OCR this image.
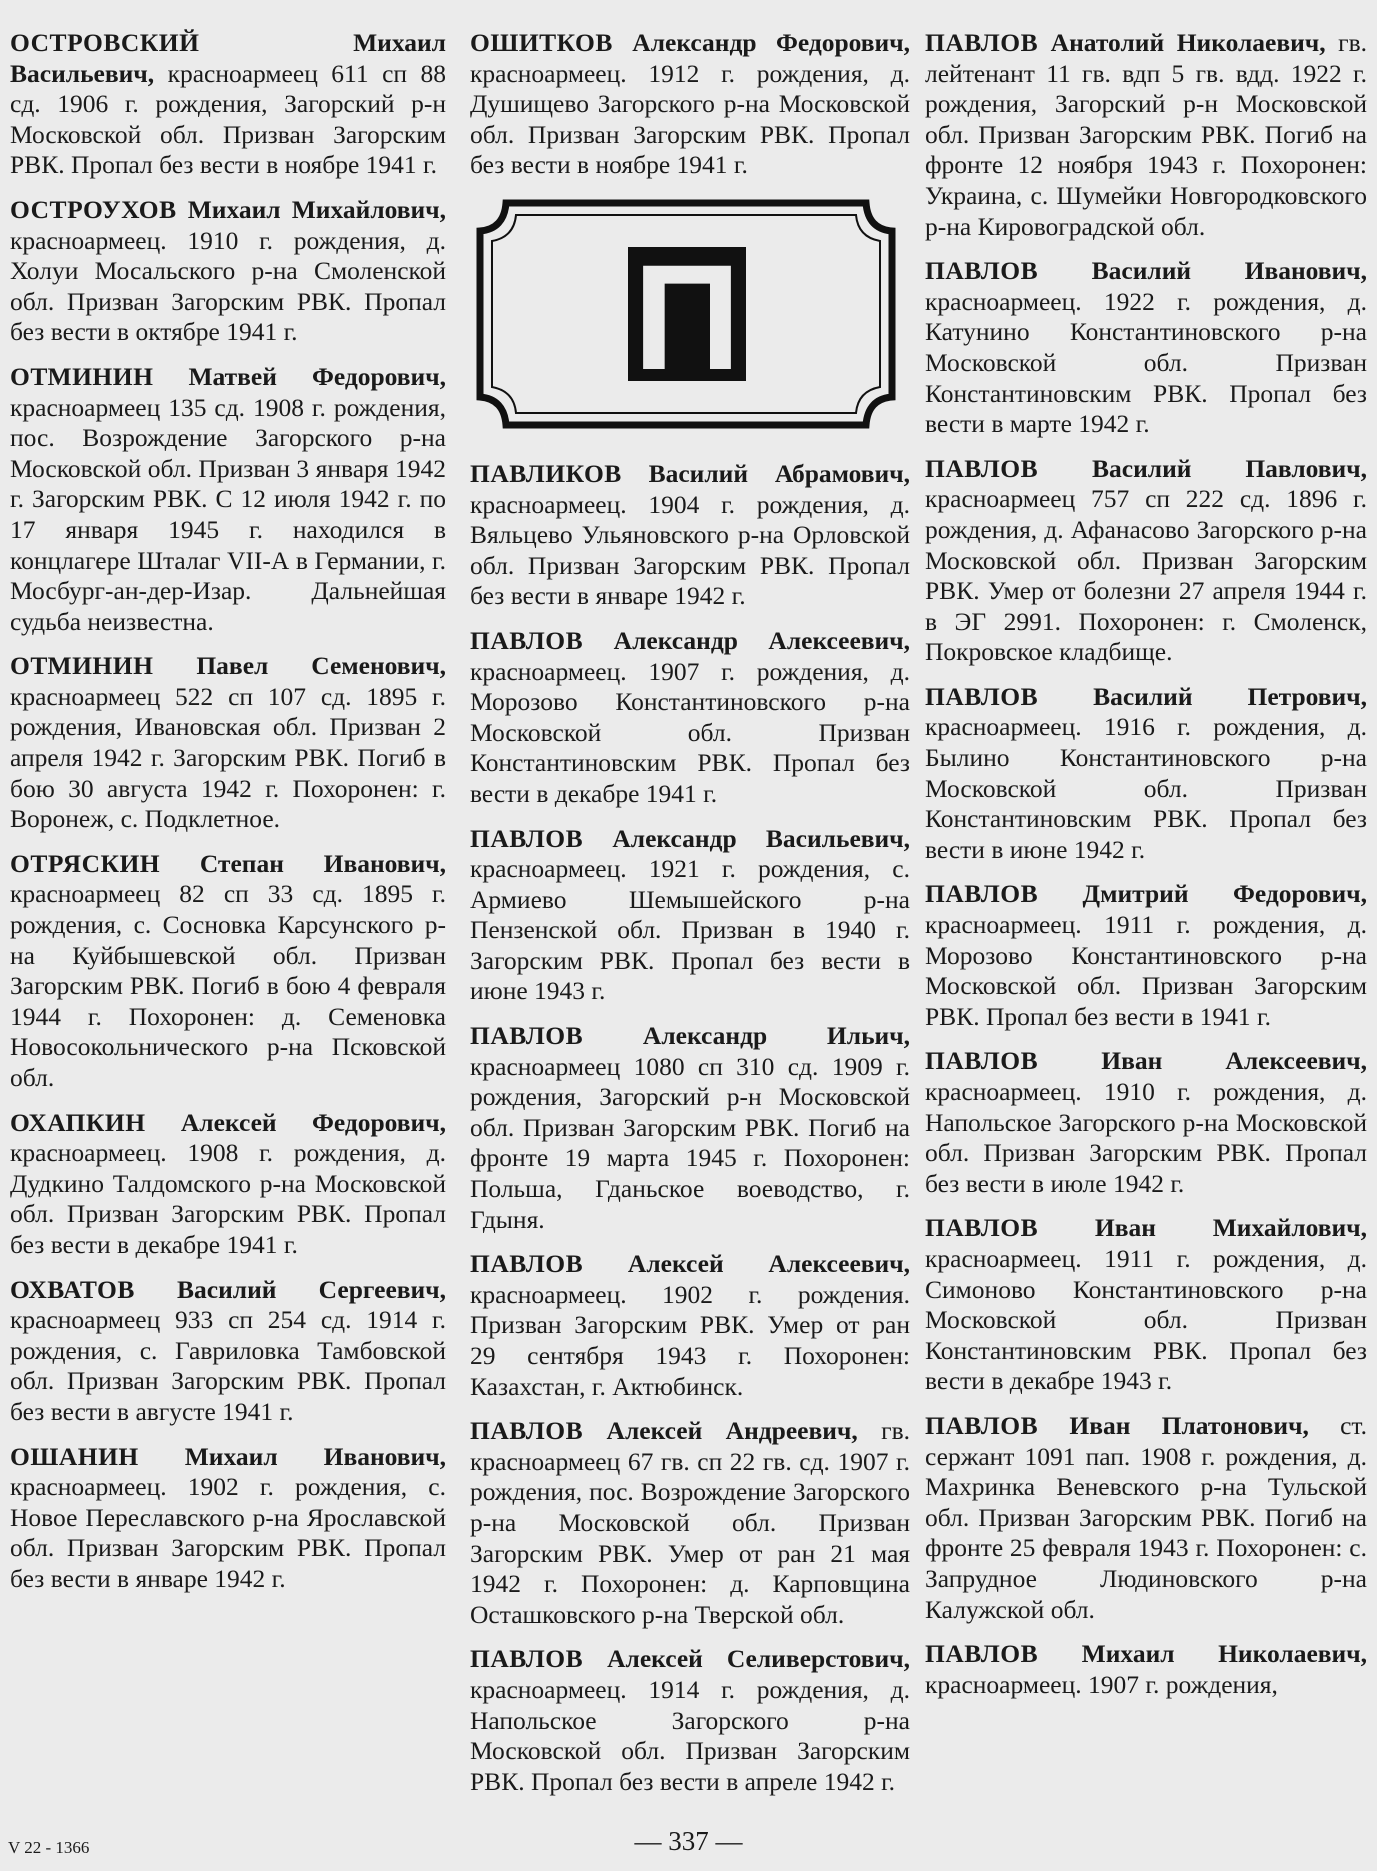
ОСТРОВСКИЙ Михаил Васильевич, красноармеец 611 сп 88 сд. 1906 г. рождения, Загорский р-н Московской обл. Призван Загорским РВК. Пропал без вести в ноябре 1941 г.
ОСТРОУХОВ Михаил Михайлович, красноармеец. 1910 г. рождения, д. Холуи Мосальского р-на Смоленской обл. Призван Загорским РВК. Пропал без вести в октябре 1941 г.
ОТМИНИН Матвей Федорович, красноармеец 135 сд. 1908 г. рождения, пос. Возрождение Загорского р-на Московской обл. Призван 3 января 1942 г. Загорским РВК. С 12 июля 1942 г. по 17 января 1945 г. находился в концлагере Шталаг VII-А в Германии, г. Мосбург-ан-дер-Изар. Дальнейшая судьба неизвестна.
ОТМИНИН Павел Семенович, красноармеец 522 сп 107 сд. 1895 г. рождения, Ивановская обл. Призван 2 апреля 1942 г. Загорским РВК. Погиб в бою 30 августа 1942 г. Похоронен: г. Воронеж, с. Подклетное.
ОТРЯСКИН Степан Иванович, красноармеец 82 сп 33 сд. 1895 г. рождения, с. Сосновка Карсунского р-на Куйбышевской обл. Призван Загорским РВК. Погиб в бою 4 февраля 1944 г. Похоронен: д. Семеновка Новосокольнического р-на Псковской обл.
ОХАПКИН Алексей Федорович, красноармеец. 1908 г. рождения, д. Дудкино Талдомского р-на Московской обл. Призван Загорским РВК. Пропал без вести в декабре 1941 г.
ОХВАТОВ Василий Сергеевич, красноармеец 933 сп 254 сд. 1914 г. рождения, с. Гавриловка Тамбовской обл. Призван Загорским РВК. Пропал без вести в августе 1941 г.
ОШАНИН Михаил Иванович, красноармеец. 1902 г. рождения, с. Новое Переславского р-на Ярославской обл. Призван Загорским РВК. Пропал без вести в январе 1942 г.
ОШИТКОВ Александр Федорович, красноармеец. 1912 г. рождения, д. Душищево Загорского р-на Московской обл. Призван Загорским РВК. Пропал без вести в ноябре 1941 г.
П
ПАВЛИКОВ Василий Абрамович, красноармеец. 1904 г. рождения, д. Вяльцево Ульяновского р-на Орловской обл. Призван Загорским РВК. Пропал без вести в январе 1942 г.
ПАВЛОВ Александр Алексеевич, красноармеец. 1907 г. рождения, д. Морозово Константиновского р-на Московской обл. Призван Константиновским РВК. Пропал без вести в декабре 1941 г.
ПАВЛОВ Александр Васильевич, красноармеец. 1921 г. рождения, с. Армиево Шемышейского р-на Пензенской обл. Призван в 1940 г. Загорским РВК. Пропал без вести в июне 1943 г.
ПАВЛОВ Александр Ильич, красноармеец 1080 сп 310 сд. 1909 г. рождения, Загорский р-н Московской обл. Призван Загорским РВК. Погиб на фронте 19 марта 1945 г. Похоронен: Польша, Гданьское воеводство, г. Гдыня.
ПАВЛОВ Алексей Алексеевич, красноармеец. 1902 г. рождения. Призван Загорским РВК. Умер от ран 29 сентября 1943 г. Похоронен: Казахстан, г. Актюбинск.
ПАВЛОВ Алексей Андреевич, гв. красноармеец 67 гв. сп 22 гв. сд. 1907 г. рождения, пос. Возрождение Загорского р-на Московской обл. Призван Загорским РВК. Умер от ран 21 мая 1942 г. Похоронен: д. Карповщина Осташковского р-на Тверской обл.
ПАВЛОВ Алексей Селиверстович, красноармеец. 1914 г. рождения, д. Напольское Загорского р-на Московской обл. Призван Загорским РВК. Пропал без вести в апреле 1942 г.
ПАВЛОВ Анатолий Николаевич, гв. лейтенант 11 гв. вдп 5 гв. вдд. 1922 г. рождения, Загорский р-н Московской обл. Призван Загорским РВК. Погиб на фронте 12 ноября 1943 г. Похоронен: Украина, с. Шумейки Новгородковского р-на Кировоградской обл.
ПАВЛОВ Василий Иванович, красноармеец. 1922 г. рождения, д. Катунино Константиновского р-на Московской обл. Призван Константиновским РВК. Пропал без вести в марте 1942 г.
ПАВЛОВ Василий Павлович, красноармеец 757 сп 222 сд. 1896 г. рождения, д. Афанасово Загорского р-на Московской обл. Призван Загорским РВК. Умер от болезни 27 апреля 1944 г. в ЭГ 2991. Похоронен: г. Смоленск, Покровское кладбище.
ПАВЛОВ Василий Петрович, красноармеец. 1916 г. рождения, д. Былино Константиновского р-на Московской обл. Призван Константиновским РВК. Пропал без вести в июне 1942 г.
ПАВЛОВ Дмитрий Федорович, красноармеец. 1911 г. рождения, д. Морозово Константиновского р-на Московской обл. Призван Загорским РВК. Пропал без вести в 1941 г.
ПАВЛОВ Иван Алексеевич, красноармеец. 1910 г. рождения, д. Напольское Загорского р-на Московской обл. Призван Загорским РВК. Пропал без вести в июле 1942 г.
ПАВЛОВ Иван Михайлович, красноармеец. 1911 г. рождения, д. Симоново Константиновского р-на Московской обл. Призван Константиновским РВК. Пропал без вести в декабре 1943 г.
ПАВЛОВ Иван Платонович, ст. сержант 1091 пап. 1908 г. рождения, д. Махринка Веневского р-на Тульской обл. Призван Загорским РВК. Погиб на фронте 25 февраля 1943 г. Похоронен: с. Запрудное Людиновского р-на Калужской обл.
ПАВЛОВ Михаил Николаевич, красноармеец. 1907 г. рождения,
V 22 - 1366	— 337 —
